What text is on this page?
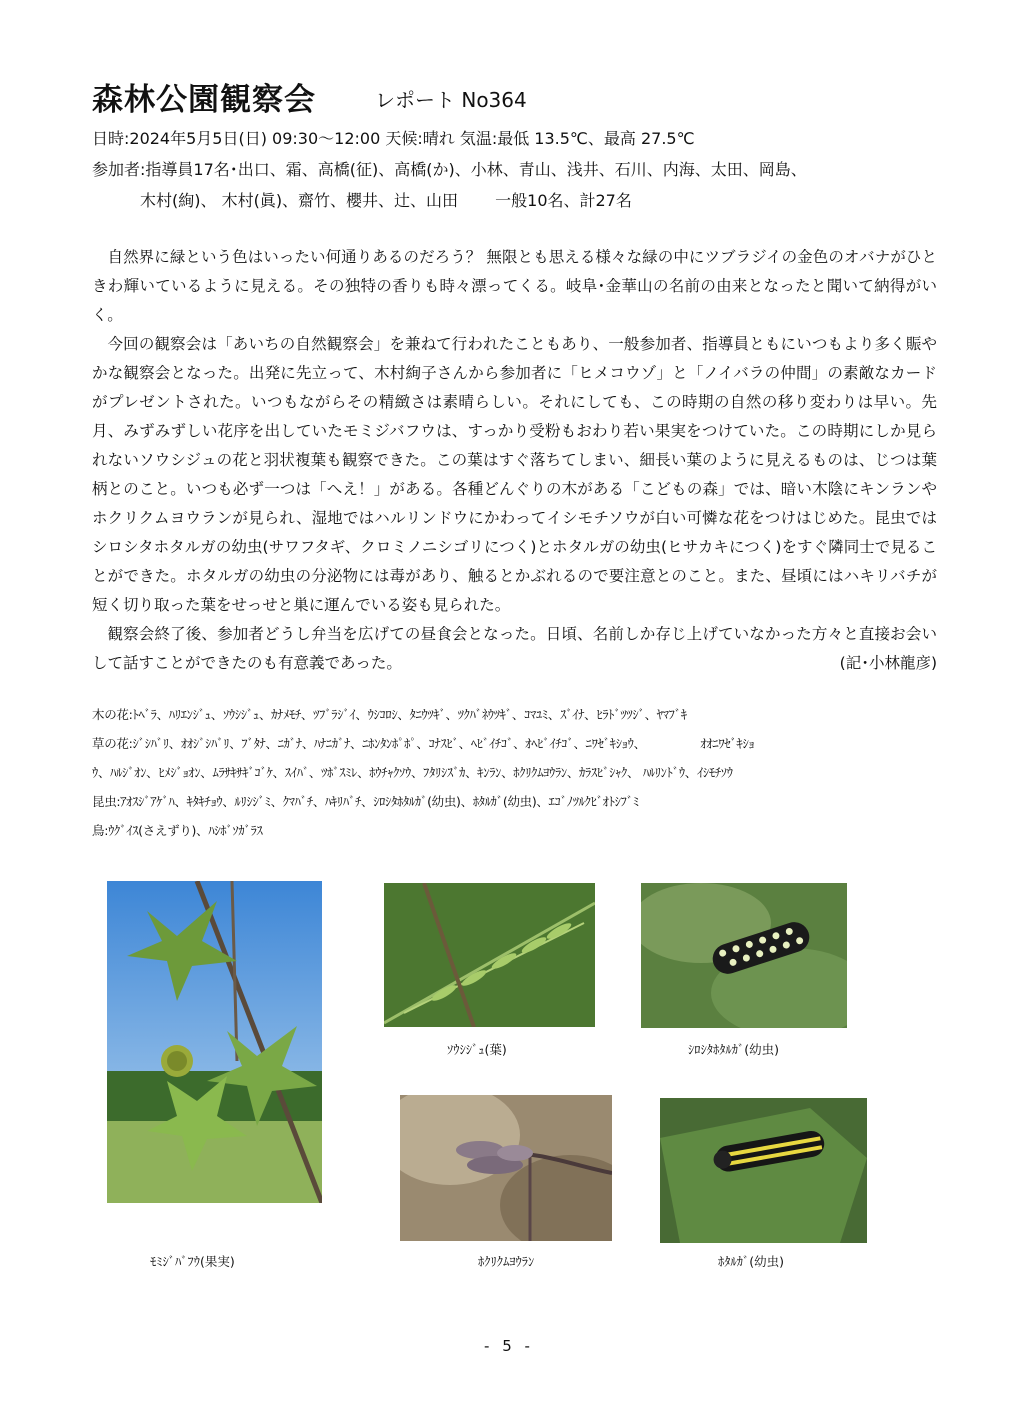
森林公園観察会	レポート No364
日時:2024年5月5日(日) 09:30～12:00 天候:晴れ 気温:最低 13.5℃、最高 27.5℃
参加者:指導員17名･出口、霜、高橋(征)、高橋(か)、小林、青山、浅井、石川、内海、太田、岡島、
木村(絢)、 木村(眞)、齋竹、櫻井、辻、山田 　　一般10名、計27名

自然界に緑という色はいったい何通りあるのだろう？ 無限とも思える様々な緑の中にツブラジイの金色のオバナがひときわ輝いているように見える。その独特の香りも時々漂ってくる。岐阜･金華山の名前の由来となったと聞いて納得がいく。

今回の観察会は「あいちの自然観察会」を兼ねて行われたこともあり、一般参加者、指導員ともにいつもより多く賑やかな観察会となった。出発に先立って、木村絢子さんから参加者に「ヒメコウゾ」と「ノイバラの仲間」の素敵なカードがプレゼントされた。いつもながらその精緻さは素晴らしい。それにしても、この時期の自然の移り変わりは早い。先月、みずみずしい花序を出していたモミジバフウは、すっかり受粉もおわり若い果実をつけていた。この時期にしか見られないソウシジュの花と羽状複葉も観察できた。この葉はすぐ落ちてしまい、細長い葉のように見えるものは、じつは葉柄とのこと。いつも必ず一つは「へえ！」がある。各種どんぐりの木がある「こどもの森」では、暗い木陰にキンランやホクリクムヨウランが見られ、湿地ではハルリンドウにかわってイシモチソウが白い可憐な花をつけはじめた。昆虫ではシロシタホタルガの幼虫(サワフタギ、クロミノニシゴリにつく)とホタルガの幼虫(ヒサカキにつく)をすぐ隣同士で見ることができた。ホタルガの幼虫の分泌物には毒があり、触るとかぶれるので要注意とのこと。また、昼頃にはハキリバチが短く切り取った葉をせっせと巣に運んでいる姿も見られた。

観察会終了後、参加者どうし弁当を広げての昼食会となった。日頃、名前しか存じ上げていなかった方々と直接お会いして話すことができたのも有意義であった。	(記･小林龍彦)

木の花:ﾄﾍﾞﾗ、ﾊﾘｴﾝｼﾞｭ、ｿｳｼｼﾞｭ、ｶﾅﾒﾓﾁ、ﾂﾌﾞﾗｼﾞｲ、ｳｼｺﾛｼ、ﾀﾆｳﾂｷﾞ、ﾂｸﾊﾞﾈｳﾂｷﾞ、ｺﾏﾕﾐ、ｽﾞｲﾅ、ﾋﾗﾄﾞﾂﾂｼﾞ、ﾔﾏﾌﾞｷ
草の花:ｼﾞｼﾊﾞﾘ、ｵｵｼﾞｼﾊﾞﾘ、ﾌﾞﾀﾅ、ﾆｶﾞﾅ、ﾊﾅﾆｶﾞﾅ、ﾆﾎﾝﾀﾝﾎﾟﾎﾟ、ｺﾅｽﾋﾞ、ﾍﾋﾞｲﾁｺﾞ、ｵﾍﾋﾞｲﾁｺﾞ、ﾆﾜｾﾞｷｼｮｳ、　　　　　ｵｵﾆﾜｾﾞｷｼｮ
ｳ、ﾊﾙｼﾞｵﾝ、ﾋﾒｼﾞｮｵﾝ、ﾑﾗｻｷｻｷﾞｺﾞｹ、ｽｲﾊﾞ、ﾂﾎﾞｽﾐﾚ、ﾎｳﾁｬｸｿｳ、ﾌﾀﾘｼｽﾞｶ、ｷﾝﾗﾝ、ﾎｸﾘｸﾑﾖｳﾗﾝ、ｶﾗｽﾋﾞｼｬｸ、 ﾊﾙﾘﾝﾄﾞｳ、ｲｼﾓﾁｿｳ
昆虫:ｱｵｽｼﾞｱｹﾞﾊ、ｷﾀｷﾁｮｳ、ﾙﾘｼｼﾞﾐ、ｸﾏﾊﾞﾁ、ﾊｷﾘﾊﾞﾁ、ｼﾛｼﾀﾎﾀﾙｶﾞ(幼虫)、ﾎﾀﾙｶﾞ(幼虫)、ｴｺﾞﾉﾂﾙｸﾋﾞｵﾄｼﾌﾞﾐ
鳥:ｳｸﾞｲｽ(さえずり)、ﾊｼﾎﾞｿｶﾞﾗｽ
ﾓﾐｼﾞﾊﾞﾌｳ(果実)
ｿｳｼｼﾞｭ(葉)	ｼﾛｼﾀﾎﾀﾙｶﾞ(幼虫)
ﾎｸﾘｸﾑﾖｳﾗﾝ	ﾎﾀﾙｶﾞ(幼虫)
- 5 -
